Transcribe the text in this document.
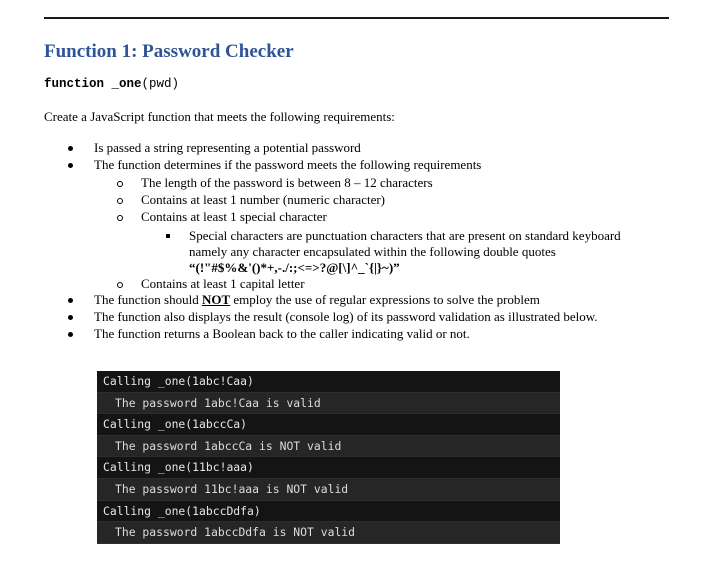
Function 1: Password Checker
function _one(pwd)
Create a JavaScript function that meets the following requirements:
Is passed a string representing a potential password
The function determines if the password meets the following requirements
The length of the password is between 8 – 12 characters
Contains at least 1 number (numeric character)
Contains at least 1 special character
Special characters are punctuation characters that are present on standard keyboard
namely any character encapsulated within the following double quotes
“(!"#$%&'()*+,-./:;<=>?@[\]^_`{|}~)”
Contains at least 1 capital letter
The function should NOT employ the use of regular expressions to solve the problem
The function also displays the result (console log) of its password validation as illustrated below.
The function returns a Boolean back to the caller indicating valid or not.
Calling _one(1abc!Caa)
The password 1abc!Caa is valid
Calling _one(1abccCa)
The password 1abccCa is NOT valid
Calling _one(11bc!aaa)
The password 11bc!aaa is NOT valid
Calling _one(1abccDdfa)
The password 1abccDdfa is NOT valid
